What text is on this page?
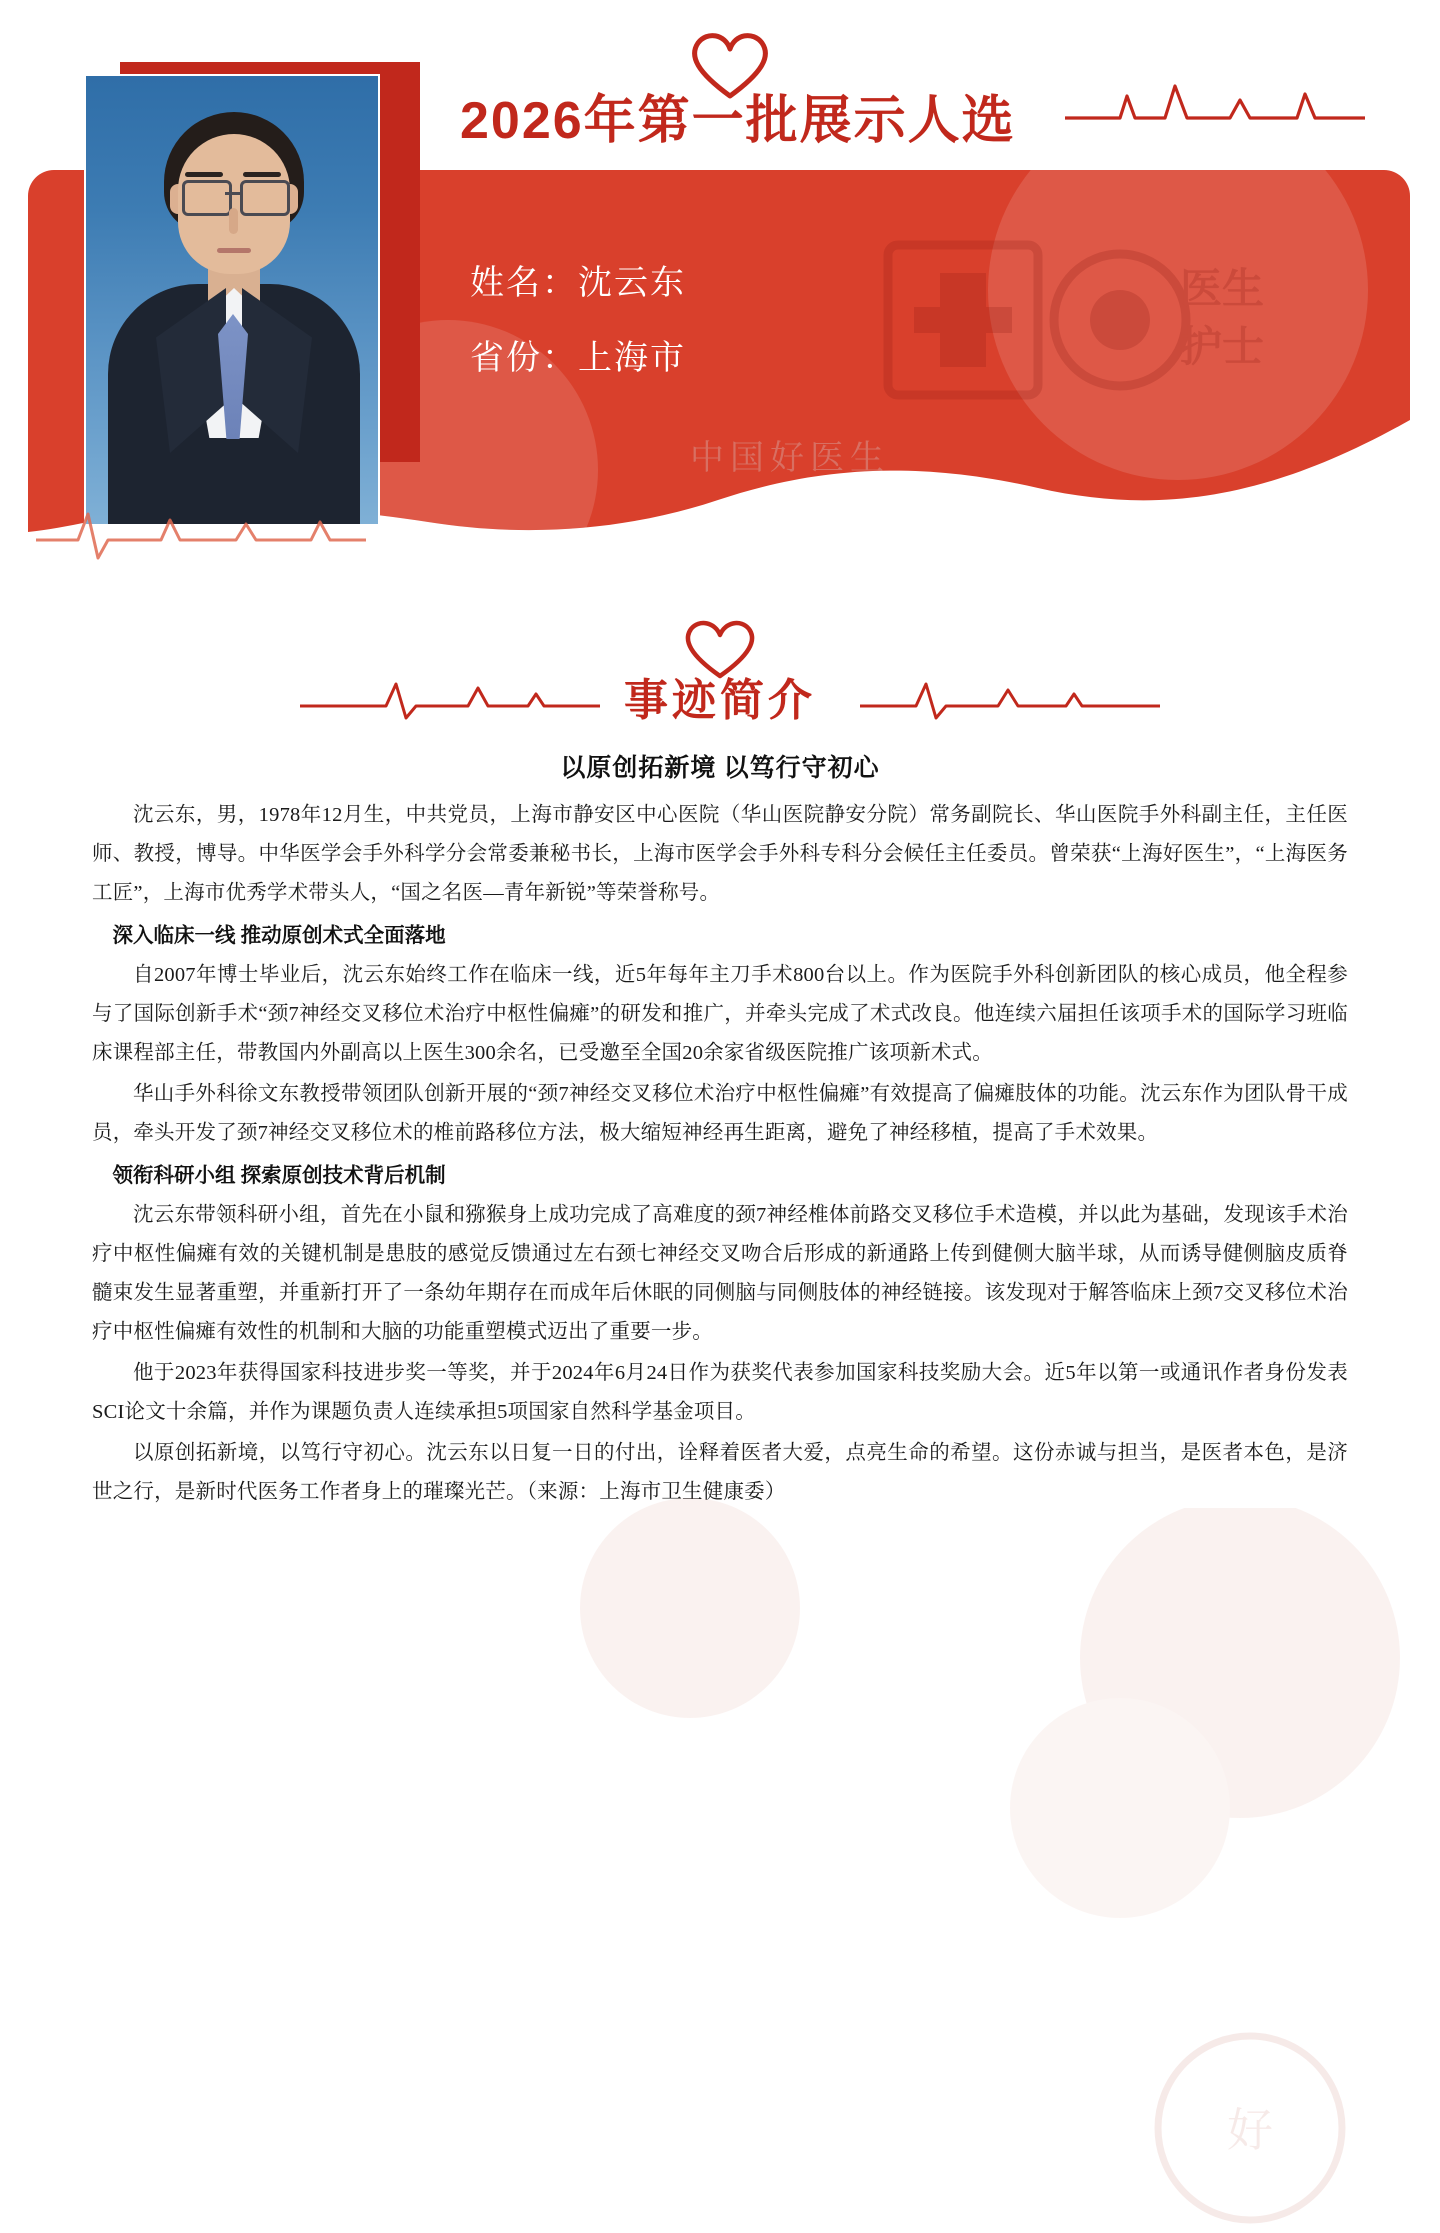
医生
护士
2026年第一批展示人选
中国好医生
姓名：沈云东
省份：上海市
事迹简介
好
以原创拓新境 以笃行守初心

沈云东，男，1978年12月生，中共党员，上海市静安区中心医院（华山医院静安分院）常务副院长、华山医院手外科副主任，主任医师、教授，博导。中华医学会手外科学分会常委兼秘书长，上海市医学会手外科专科分会候任主任委员。曾荣获“上海好医生”，“上海医务工匠”，上海市优秀学术带头人，“国之名医—青年新锐”等荣誉称号。

深入临床一线 推动原创术式全面落地

自2007年博士毕业后，沈云东始终工作在临床一线，近5年每年主刀手术800台以上。作为医院手外科创新团队的核心成员，他全程参与了国际创新手术“颈7神经交叉移位术治疗中枢性偏瘫”的研发和推广，并牵头完成了术式改良。他连续六届担任该项手术的国际学习班临床课程部主任，带教国内外副高以上医生300余名，已受邀至全国20余家省级医院推广该项新术式。

华山手外科徐文东教授带领团队创新开展的“颈7神经交叉移位术治疗中枢性偏瘫”有效提高了偏瘫肢体的功能。沈云东作为团队骨干成员，牵头开发了颈7神经交叉移位术的椎前路移位方法，极大缩短神经再生距离，避免了神经移植，提高了手术效果。

领衔科研小组 探索原创技术背后机制

沈云东带领科研小组，首先在小鼠和猕猴身上成功完成了高难度的颈7神经椎体前路交叉移位手术造模，并以此为基础，发现该手术治疗中枢性偏瘫有效的关键机制是患肢的感觉反馈通过左右颈七神经交叉吻合后形成的新通路上传到健侧大脑半球，从而诱导健侧脑皮质脊髓束发生显著重塑，并重新打开了一条幼年期存在而成年后休眠的同侧脑与同侧肢体的神经链接。该发现对于解答临床上颈7交叉移位术治疗中枢性偏瘫有效性的机制和大脑的功能重塑模式迈出了重要一步。

他于2023年获得国家科技进步奖一等奖，并于2024年6月24日作为获奖代表参加国家科技奖励大会。近5年以第一或通讯作者身份发表SCI论文十余篇，并作为课题负责人连续承担5项国家自然科学基金项目。

以原创拓新境，以笃行守初心。沈云东以日复一日的付出，诠释着医者大爱，点亮生命的希望。这份赤诚与担当，是医者本色，是济世之行，是新时代医务工作者身上的璀璨光芒。（来源：上海市卫生健康委）
